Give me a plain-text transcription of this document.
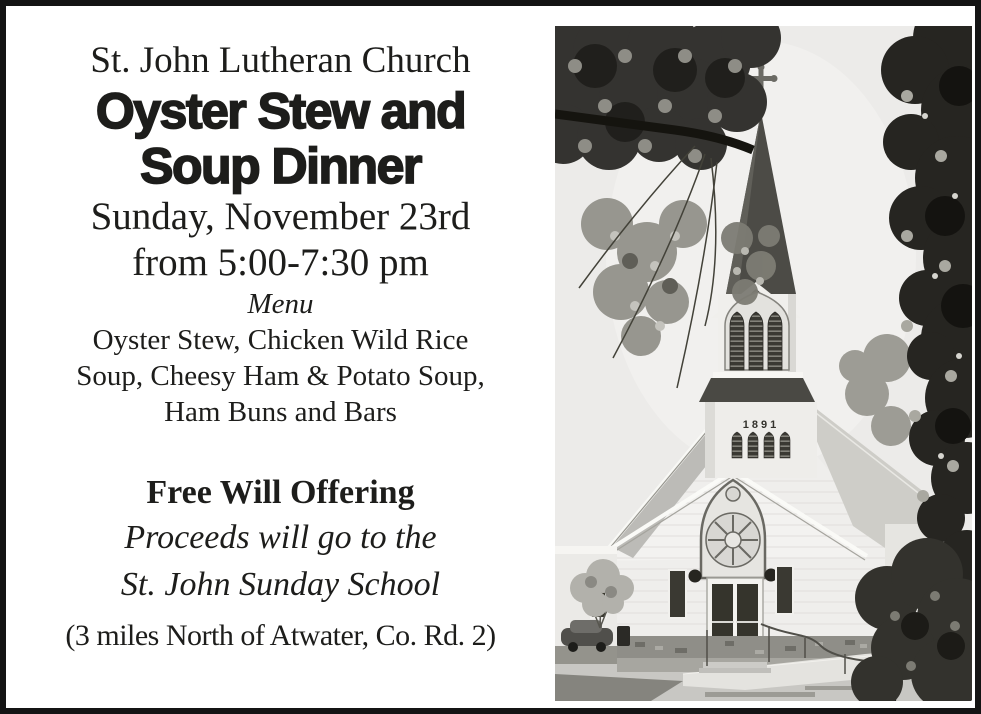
St. John Lutheran Church
Oyster Stew and
Soup Dinner
Sunday, November 23rd
from 5:00-7:30 pm
Menu
Oyster Stew, Chicken Wild Rice
Soup, Cheesy Ham & Potato Soup,
Ham Buns and Bars
Free Will Offering
Proceeds will go to the
St. John Sunday School
(3 miles North of Atwater, Co. Rd. 2)
1891
